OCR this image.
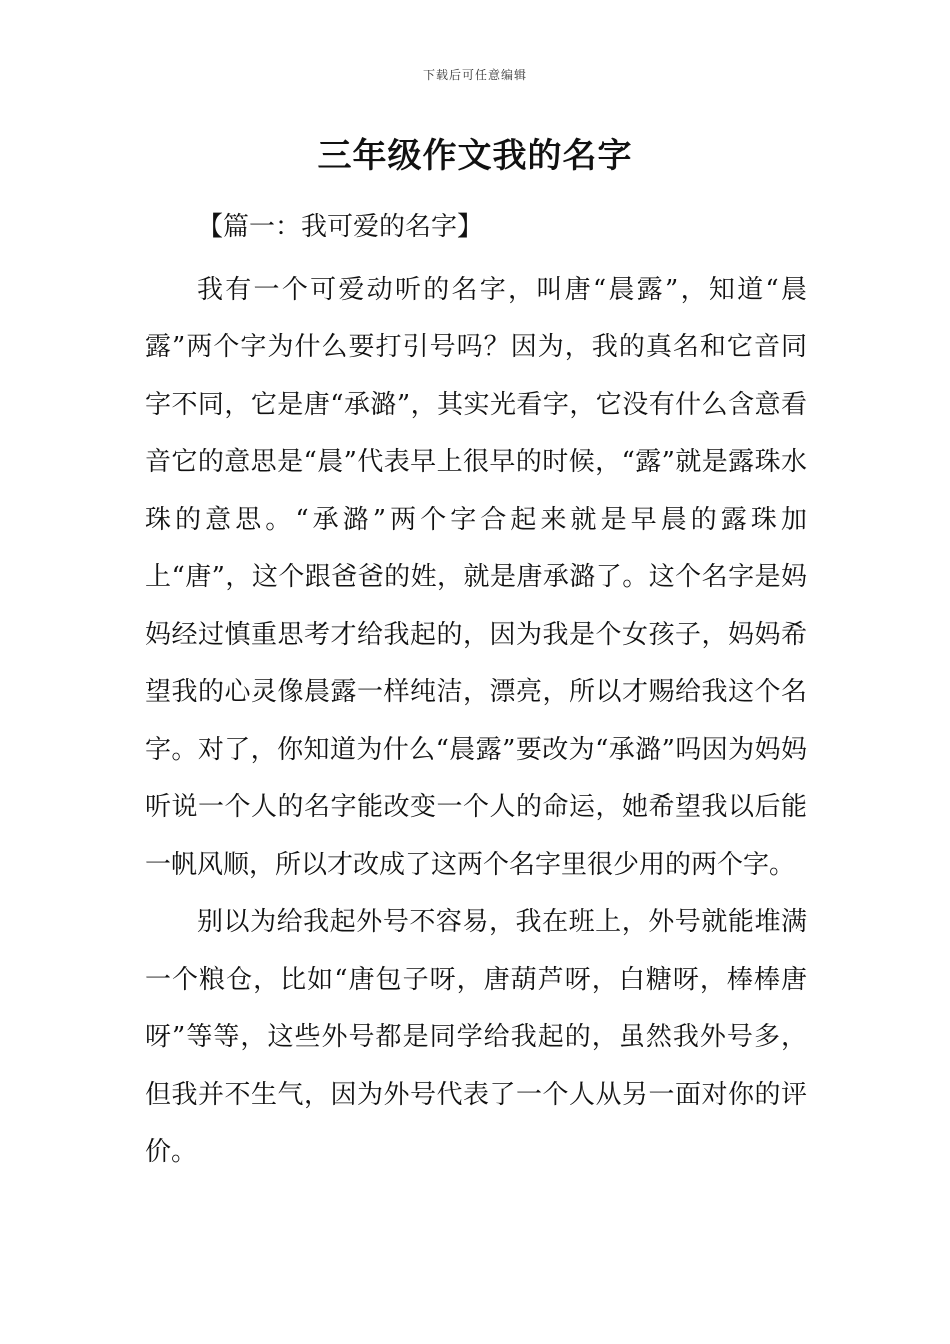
下载后可任意编辑
三年级作文我的名字
【篇一：我可爱的名字】

我有一个可爱动听的名字，叫唐“晨露”，知道“晨露”两个字为什么要打引号吗？因为，我的真名和它音同字不同，它是唐“承潞”，其实光看字，它没有什么含意看音它的意思是“晨”代表早上很早的时候，“露”就是露珠水珠的意思。“承潞”两个字合起来就是早晨的露珠加上“唐”，这个跟爸爸的姓，就是唐承潞了。这个名字是妈妈经过慎重思考才给我起的，因为我是个女孩子，妈妈希望我的心灵像晨露一样纯洁，漂亮，所以才赐给我这个名字。对了，你知道为什么“晨露”要改为“承潞”吗因为妈妈听说一个人的名字能改变一个人的命运，她希望我以后能一帆风顺，所以才改成了这两个名字里很少用的两个字。

别以为给我起外号不容易，我在班上，外号就能堆满一个粮仓，比如“唐包子呀，唐葫芦呀，白糖呀，棒棒唐呀”等等，这些外号都是同学给我起的，虽然我外号多，但我并不生气，因为外号代表了一个人从另一面对你的评价。
